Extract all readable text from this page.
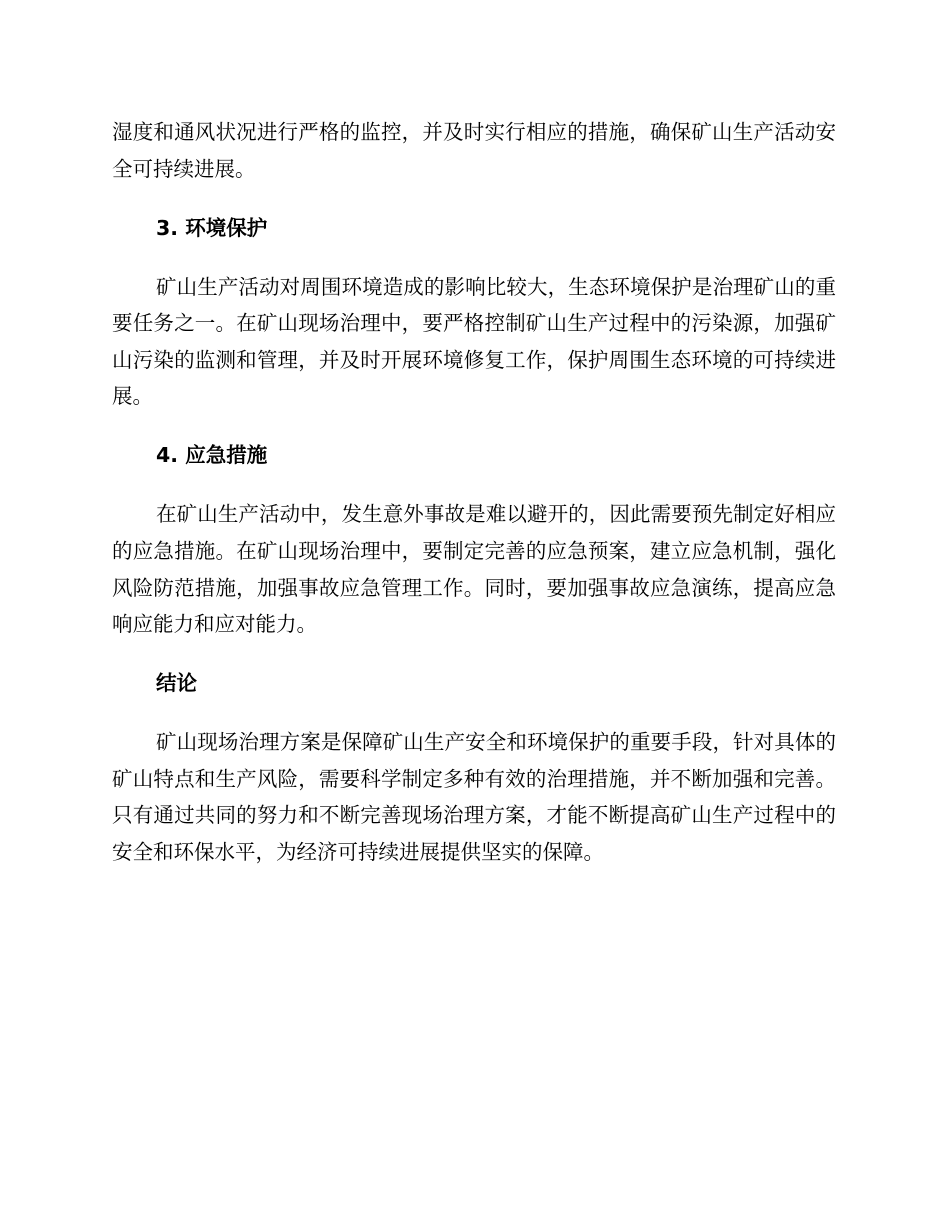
湿度和通风状况进行严格的监控，并及时实行相应的措施，确保矿山生产活动安全可持续进展。

3. 环境保护

矿山生产活动对周围环境造成的影响比较大，生态环境保护是治理矿山的重要任务之一。在矿山现场治理中，要严格控制矿山生产过程中的污染源，加强矿山污染的监测和管理，并及时开展环境修复工作，保护周围生态环境的可持续进展。

4. 应急措施

在矿山生产活动中，发生意外事故是难以避开的，因此需要预先制定好相应的应急措施。在矿山现场治理中，要制定完善的应急预案，建立应急机制，强化风险防范措施，加强事故应急管理工作。同时，要加强事故应急演练，提高应急响应能力和应对能力。

结论

矿山现场治理方案是保障矿山生产安全和环境保护的重要手段，针对具体的矿山特点和生产风险，需要科学制定多种有效的治理措施，并不断加强和完善。只有通过共同的努力和不断完善现场治理方案，才能不断提高矿山生产过程中的安全和环保水平，为经济可持续进展提供坚实的保障。
